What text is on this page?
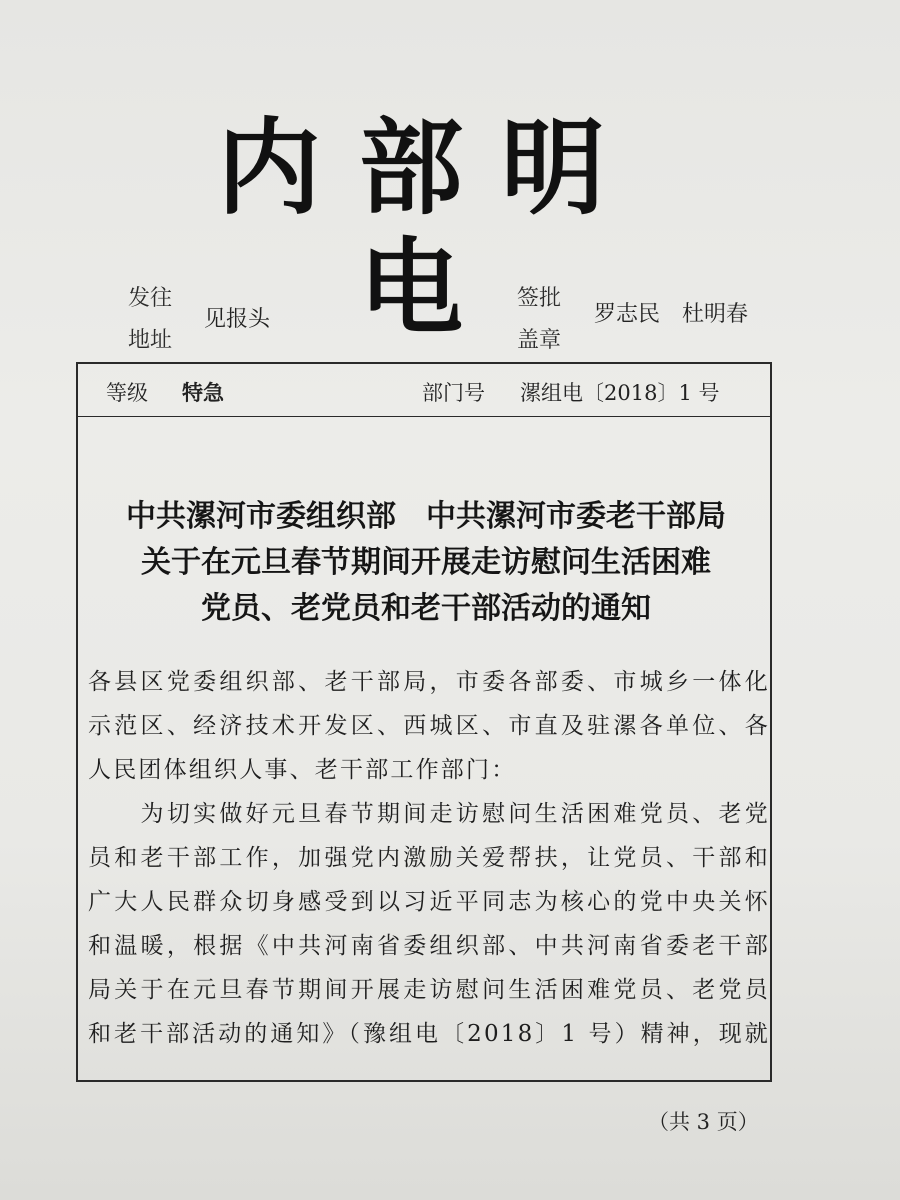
内部明电
发往
地址
见报头
签批
盖章
罗志民　杜明春
等级 特急	部门号 漯组电〔2018〕1 号
中共漯河市委组织部　中共漯河市委老干部局
关于在元旦春节期间开展走访慰问生活困难
党员、老党员和老干部活动的通知
各县区党委组织部、老干部局，市委各部委、市城乡一体化
示范区、经济技术开发区、西城区、市直及驻漯各单位、各
人民团体组织人事、老干部工作部门：
　　为切实做好元旦春节期间走访慰问生活困难党员、老党
员和老干部工作，加强党内激励关爱帮扶，让党员、干部和
广大人民群众切身感受到以习近平同志为核心的党中央关怀
和温暖，根据《中共河南省委组织部、中共河南省委老干部
局关于在元旦春节期间开展走访慰问生活困难党员、老党员
和老干部活动的通知》（豫组电〔2018〕1 号）精神，现就
（共 3 页）
